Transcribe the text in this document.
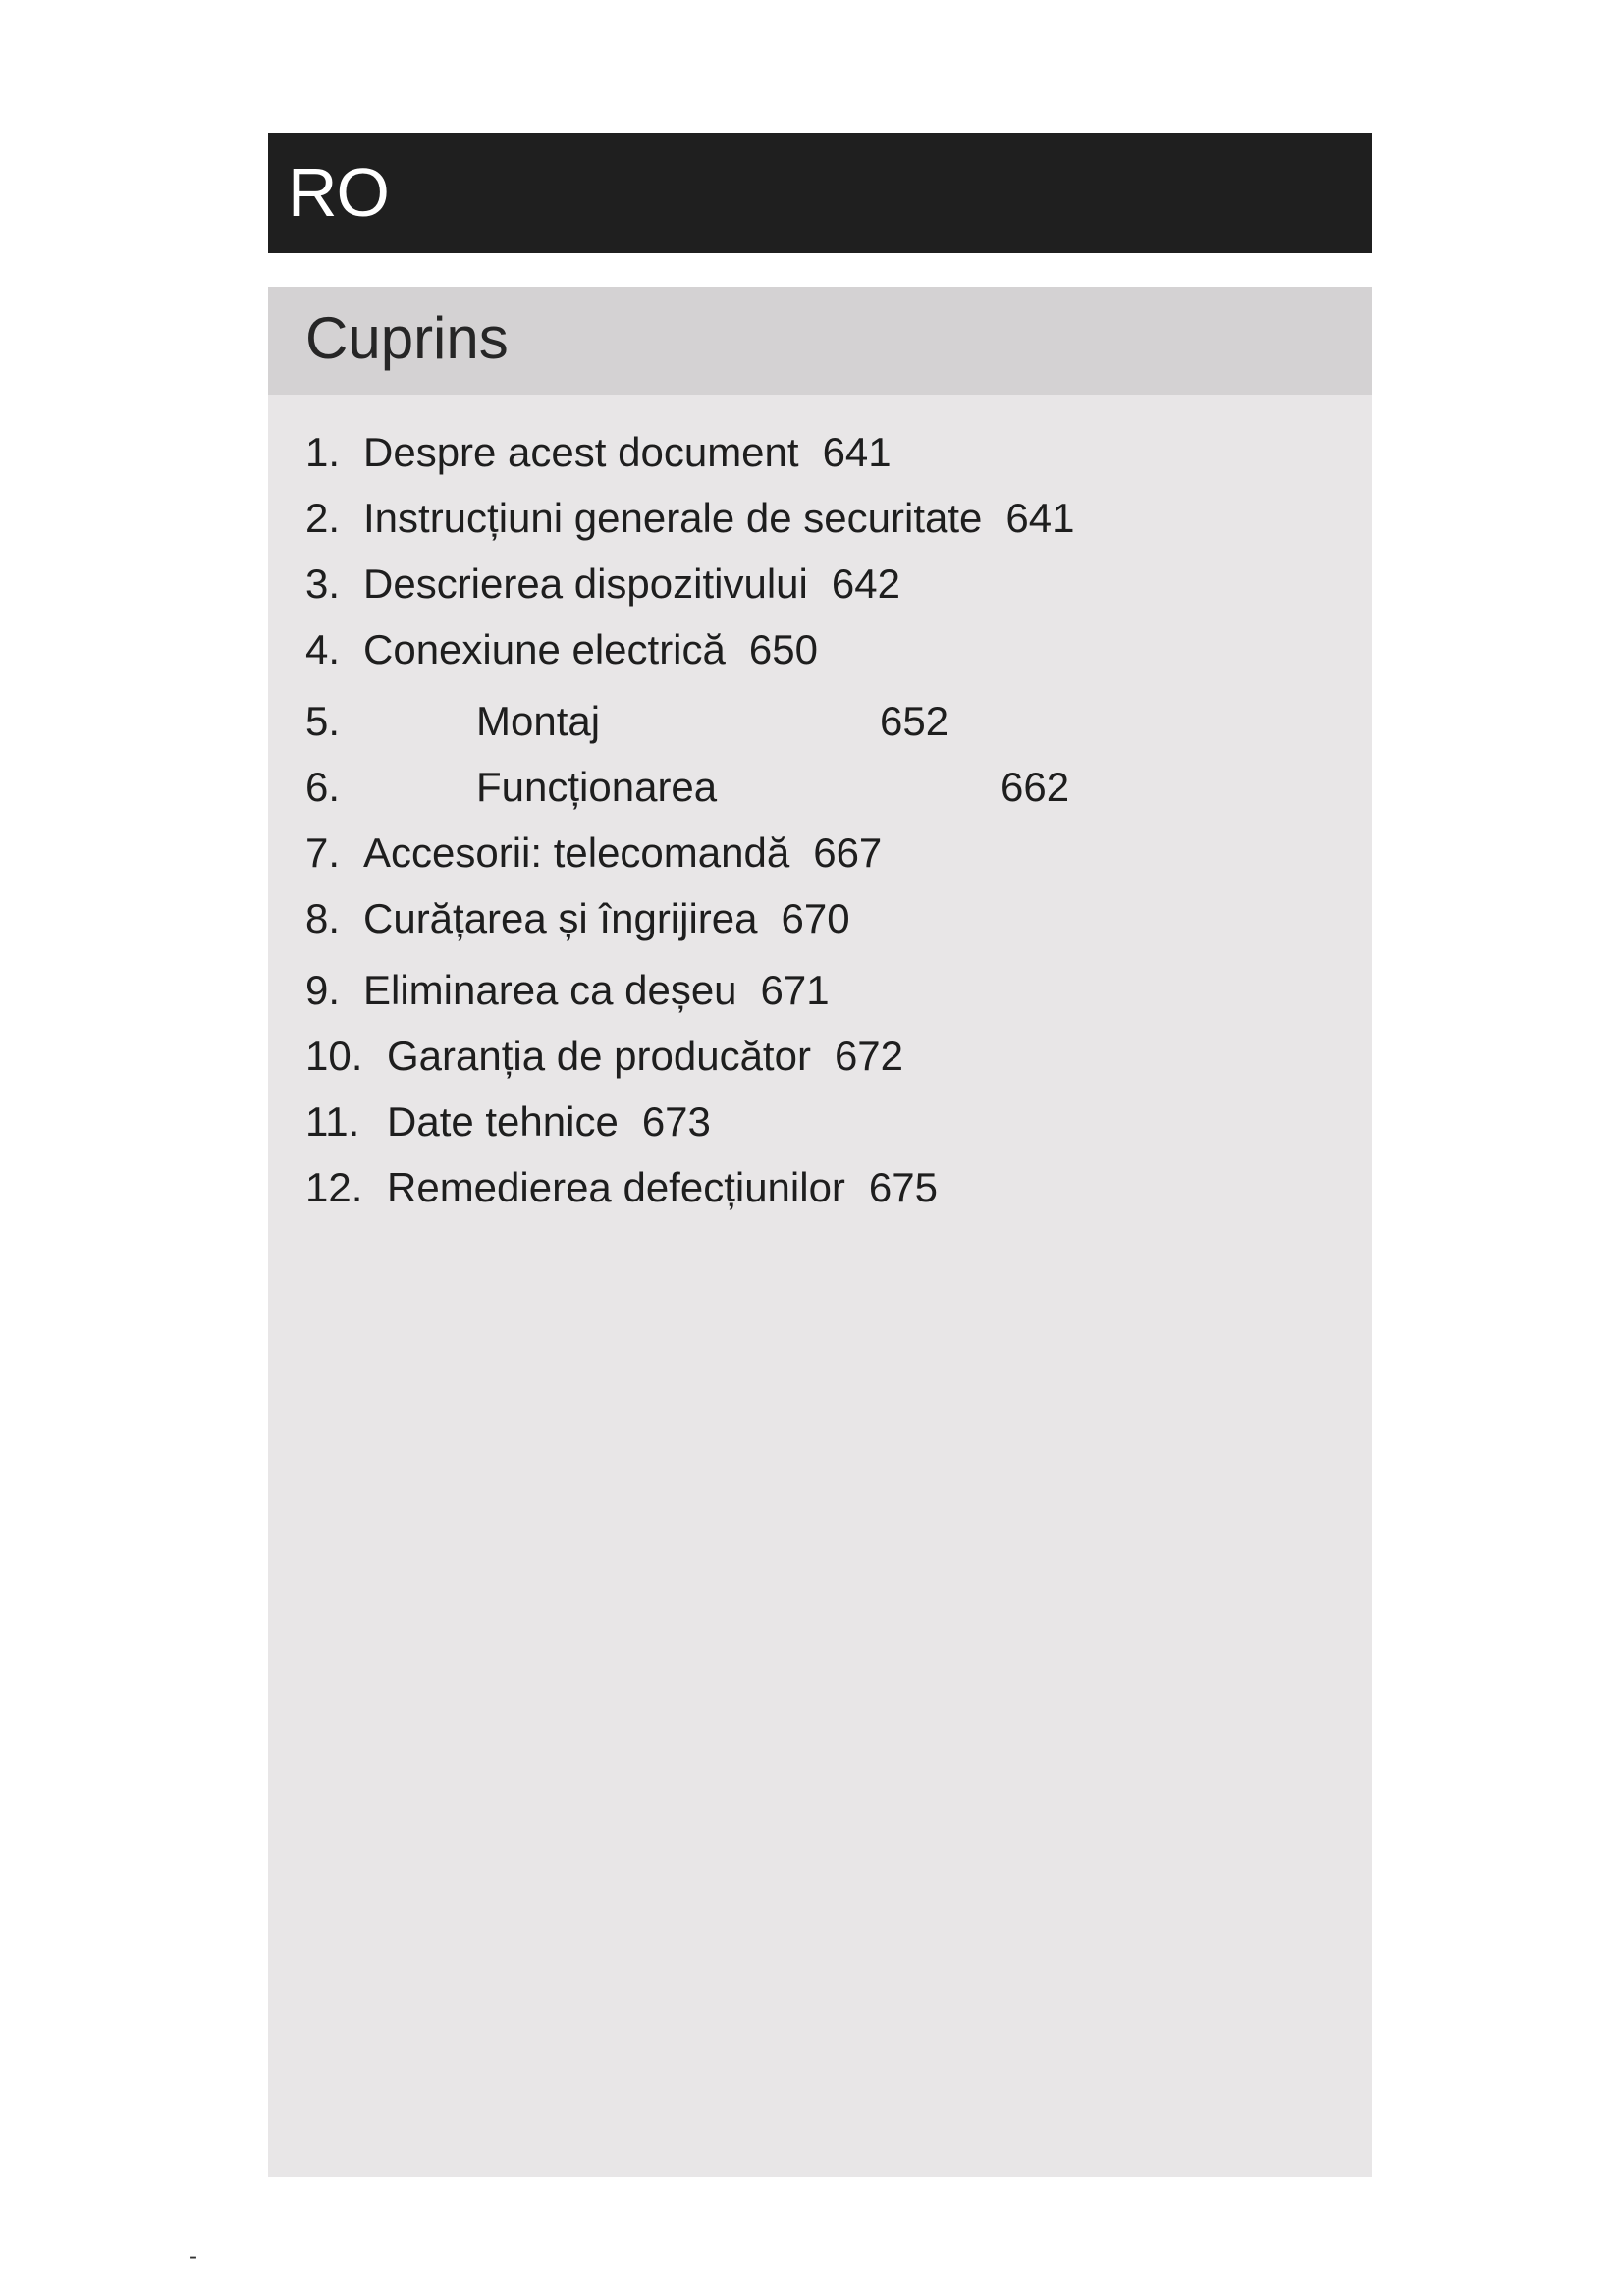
RO
Cuprins
1. Despre acest document 641
2. Instrucțiuni generale de securitate 641
3. Descrierea dispozitivului 642
4. Conexiune electrică 650
5.	Montaj	652
6.	Funcționarea	662
7. Accesorii: telecomandă 667
8. Curățarea și îngrijirea 670
9. Eliminarea ca deșeu 671
10. Garanția de producător 672
11. Date tehnice 673
12. Remedierea defecțiunilor 675
-
